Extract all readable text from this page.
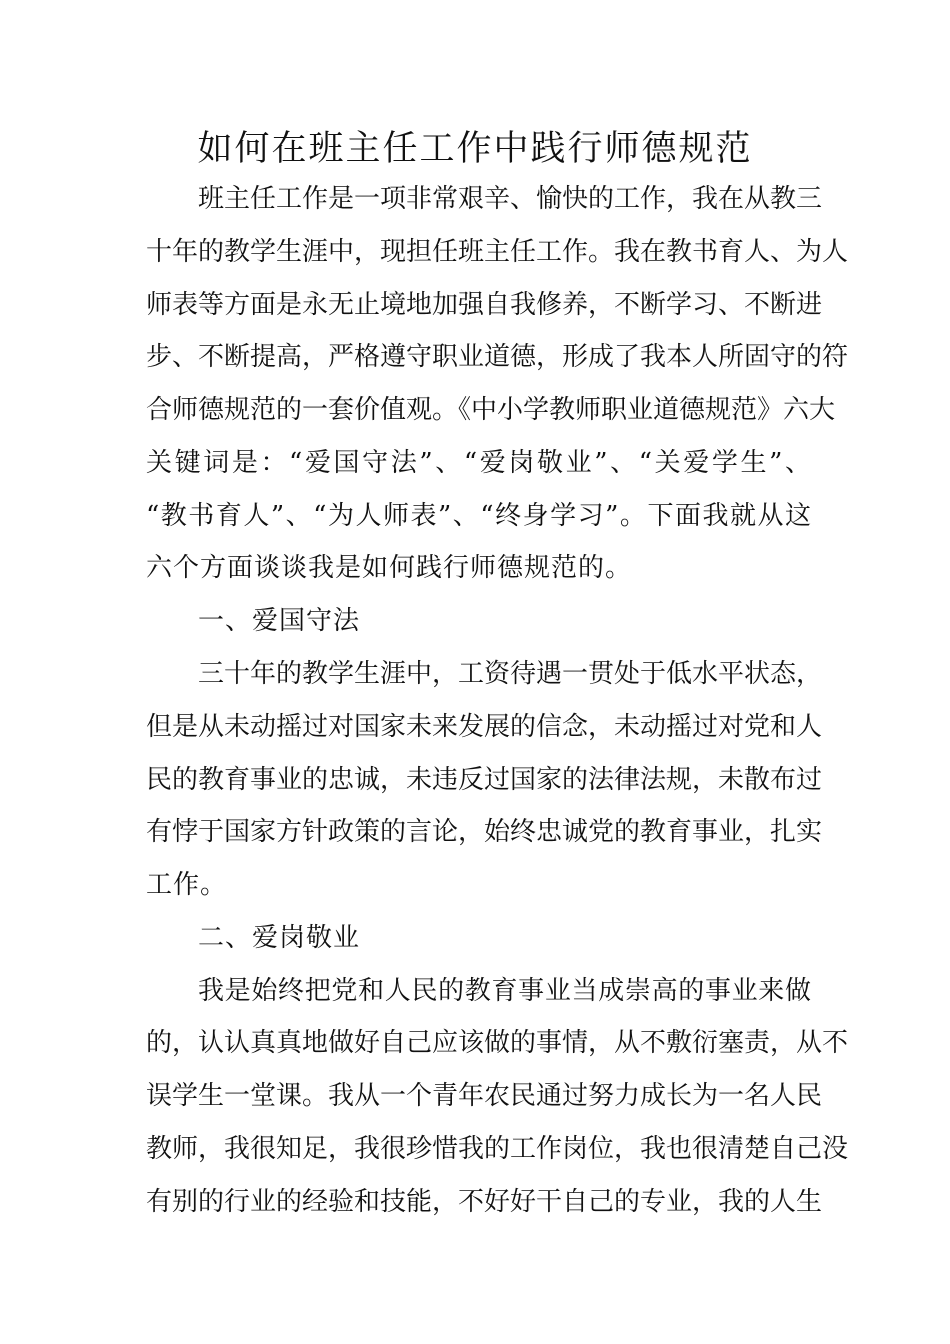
如何在班主任工作中践行师德规范
班主任工作是一项非常艰辛、愉快的工作，我在从教三
十年的教学生涯中，现担任班主任工作。我在教书育人、为人
师表等方面是永无止境地加强自我修养，不断学习、不断进
步、不断提高，严格遵守职业道德，形成了我本人所固守的符
合师德规范的一套价值观。《中小学教师职业道德规范》六大
关键词是：“爱国守法”、“爱岗敬业”、“关爱学生”、
“教书育人”、“为人师表”、“终身学习”。下面我就从这
六个方面谈谈我是如何践行师德规范的。
一、爱国守法
三十年的教学生涯中，工资待遇一贯处于低水平状态，
但是从未动摇过对国家未来发展的信念，未动摇过对党和人
民的教育事业的忠诚，未违反过国家的法律法规，未散布过
有悖于国家方针政策的言论，始终忠诚党的教育事业，扎实
工作。
二、爱岗敬业
我是始终把党和人民的教育事业当成崇高的事业来做
的，认认真真地做好自己应该做的事情，从不敷衍塞责，从不
误学生一堂课。我从一个青年农民通过努力成长为一名人民
教师，我很知足，我很珍惜我的工作岗位，我也很清楚自己没
有别的行业的经验和技能，不好好干自己的专业，我的人生
